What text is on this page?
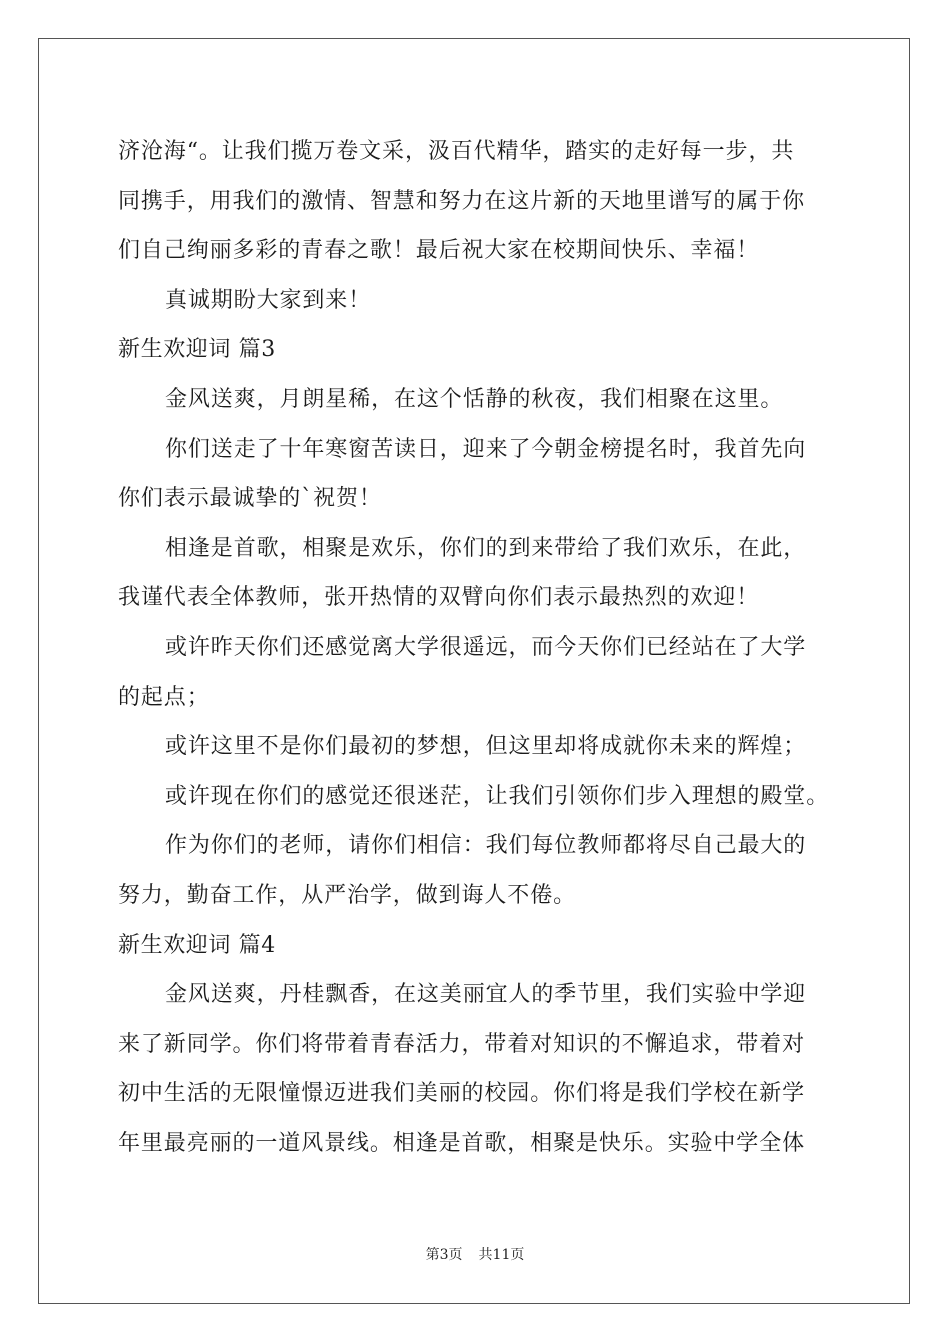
济沧海“。让我们揽万卷文采，汲百代精华，踏实的走好每一步，共
同携手，用我们的激情、智慧和努力在这片新的天地里谱写的属于你
们自己绚丽多彩的青春之歌！最后祝大家在校期间快乐、幸福！
真诚期盼大家到来！
新生欢迎词 篇3
金风送爽，月朗星稀，在这个恬静的秋夜，我们相聚在这里。
你们送走了十年寒窗苦读日，迎来了今朝金榜提名时，我首先向
你们表示最诚挚的`祝贺！
相逢是首歌，相聚是欢乐，你们的到来带给了我们欢乐，在此，
我谨代表全体教师，张开热情的双臂向你们表示最热烈的欢迎！
或许昨天你们还感觉离大学很遥远，而今天你们已经站在了大学
的起点；
或许这里不是你们最初的梦想，但这里却将成就你未来的辉煌；
或许现在你们的感觉还很迷茫，让我们引领你们步入理想的殿堂。
作为你们的老师，请你们相信：我们每位教师都将尽自己最大的
努力，勤奋工作，从严治学，做到诲人不倦。
新生欢迎词 篇4
金风送爽，丹桂飘香，在这美丽宜人的季节里，我们实验中学迎
来了新同学。你们将带着青春活力，带着对知识的不懈追求，带着对
初中生活的无限憧憬迈进我们美丽的校园。你们将是我们学校在新学
年里最亮丽的一道风景线。相逢是首歌，相聚是快乐。实验中学全体
第3页 共11页
